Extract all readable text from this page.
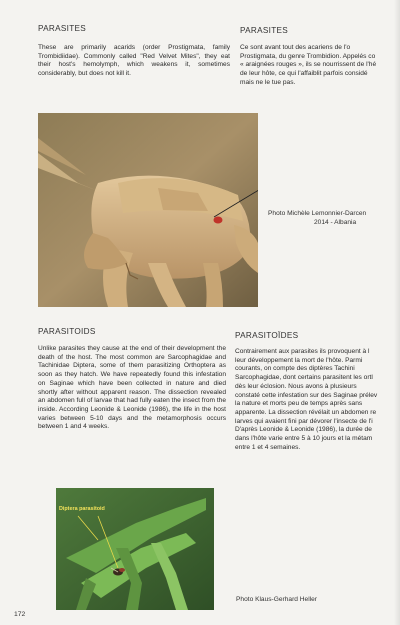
PARASITES
These are primarily acarids (order Prostigmata, family Trombidiidae). Commonly called "Red Velvet Mites", they eat their host's hemolymph, which weakens it, sometimes considerably, but does not kill it.
PARASITES
Ce sont avant tout des acariens de l'o
Prostigmata, du genre Trombidion. Appelés co
« araignées rouges », ils se nourrissent de l'hé
de leur hôte, ce qui l'affaiblit parfois considé
mais ne le tue pas.
Photo Michèle Lemonnier-Darcen
2014 - Albania
PARASITOIDS
Unlike parasites they cause at the end of their development the death of the host. The most common are Sarcophagidae and Tachinidae Diptera, some of them parasitizing Orthoptera as soon as they hatch. We have repeatedly found this infestation on Saginae which have been collected in nature and died shortly after without apparent reason. The dissection revealed an abdomen full of larvae that had fully eaten the insect from the inside. According Leonide & Leonide (1986), the life in the host varies between 5-10 days and the metamorphosis occurs between 1 and 4 weeks.
PARASITOÏDES
Contrairement aux parasites ils provoquent à l
leur développement la mort de l'hôte. Parmi
courants, on compte des diptères Tachini
Sarcophagidae, dont certains parasitent les ortl
dès leur éclosion. Nous avons à plusieurs
constaté cette infestation sur des Saginae prélev
la nature et morts peu de temps après sans
apparente. La dissection révélait un abdomen re
larves qui avaient fini par dévorer l'insecte de l'i
D'après Leonide & Leonide (1986), la durée de
dans l'hôte varie entre 5 à 10 jours et la métam
entre 1 et 4 semaines.
Diptera parasitoid
Photo Klaus-Gerhard Heller
172
